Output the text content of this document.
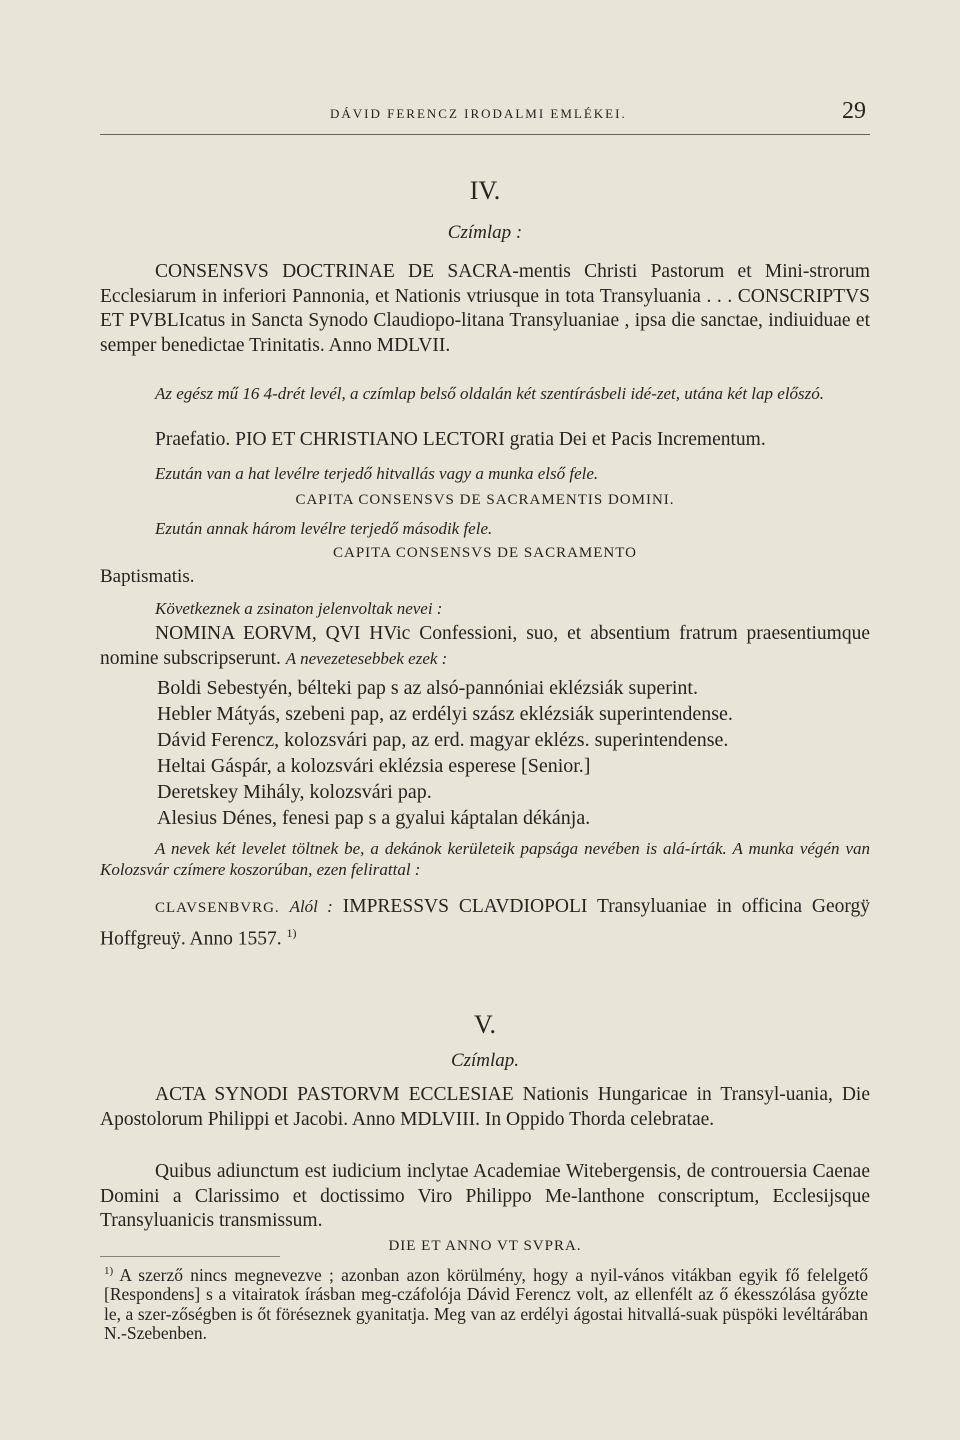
DÁVID FERENCZ IRODALMI EMLÉKEI.	29
IV.
Czímlap :
CONSENSVS DOCTRINAE DE SACRA-mentis Christi Pastorum et Mini-strorum Ecclesiarum in inferiori Pannonia, et Nationis vtriusque in tota Transyluania . . . CONSCRIPTVS ET PVBLIcatus in Sancta Synodo Claudiopo-litana Transyluaniae , ipsa die sanctae, indiuiduae et semper benedictae Trinitatis. Anno MDLVII.
Az egész mű 16 4-drét levél, a czímlap belső oldalán két szentírásbeli idé-zet, utána két lap előszó.
Praefatio. PIO ET CHRISTIANO LECTORI gratia Dei et Pacis Incrementum.
Ezután van a hat levélre terjedő hitvallás vagy a munka első fele.
CAPITA CONSENSVS DE SACRAMENTIS DOMINI.
Ezután annak három levélre terjedő második fele.
CAPITA CONSENSVS DE SACRAMENTO
Baptismatis.
Következnek a zsinaton jelenvoltak nevei :
NOMINA EORVM, QVI HVic Confessioni, suo, et absentium fratrum praesentiumque nomine subscripserunt. A nevezetesebbek ezek :

Boldi Sebestyén, bélteki pap s az alsó-pannóniai eklézsiák superint.

Hebler Mátyás, szebeni pap, az erdélyi szász eklézsiák superintendense.

Dávid Ferencz, kolozsvári pap, az erd. magyar eklézs. superintendense.

Heltai Gáspár, a kolozsvári eklézsia esperese [Senior.]

Deretskey Mihály, kolozsvári pap.

Alesius Dénes, fenesi pap s a gyalui káptalan dékánja.

A nevek két levelet töltnek be, a dekánok kerületeik papsága nevében is alá-írták. A munka végén van Kolozsvár czímere koszorúban, ezen felirattal :
CLAVSENBVRG. Alól : IMPRESSVS CLAVDIOPOLI Transyluaniae in officina Georgÿ Hoffgreuÿ. Anno 1557. $^{1)}$
V.
Czímlap.
ACTA SYNODI PASTORVM ECCLESIAE Nationis Hungaricae in Transyl-uania, Die Apostolorum Philippi et Jacobi. Anno MDLVIII. In Oppido Thorda celebratae.
Quibus adiunctum est iudicium inclytae Academiae Witebergensis, de controuersia Caenae Domini a Clarissimo et doctissimo Viro Philippo Me-lanthone conscriptum, Ecclesijsque Transyluanicis transmissum.
DIE ET ANNO VT SVPRA.
$^{1)}$ A szerző nincs megnevezve ; azonban azon körülmény, hogy a nyil-vános vitákban egyik fő felelgető [Respondens] s a vitairatok írásban meg-czáfolója Dávid Ferencz volt, az ellenfélt az ő ékesszólása győzte le, a szer-zőségben is őt föréseznek gyanitatja. Meg van az erdélyi ágostai hitvallá-suak püspöki levéltárában N.-Szebenben.
